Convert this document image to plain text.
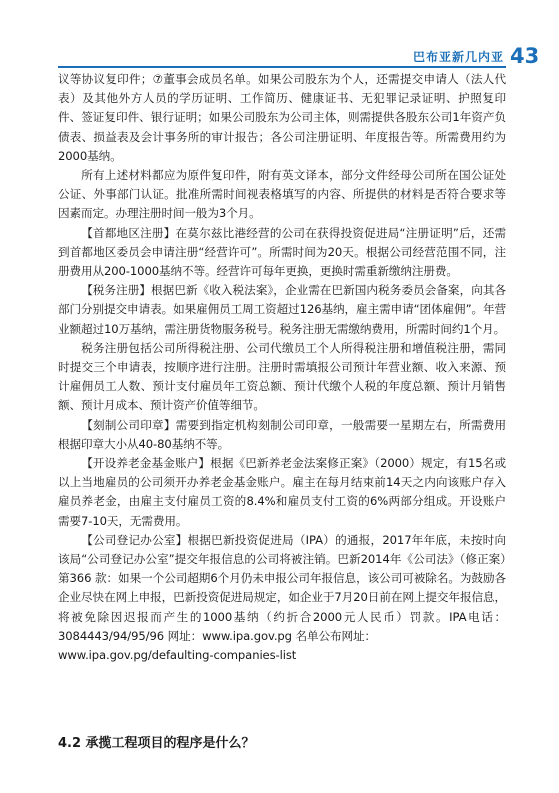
巴布亚新几内亚 43

议等协议复印件；⑦董事会成员名单。如果公司股东为个人，还需提交申请人（法人代表）及其他外方人员的学历证明、工作简历、健康证书、无犯罪记录证明、护照复印件、签证复印件、银行证明；如果公司股东为公司主体，则需提供各股东公司1年资产负债表、损益表及会计事务所的审计报告；各公司注册证明、年度报告等。所需费用约为2000基纳。

所有上述材料都应为原件复印件，附有英文译本，部分文件经母公司所在国公证处公证、外事部门认证。批准所需时间视表格填写的内容、所提供的材料是否符合要求等因素而定。办理注册时间一般为3个月。

【首都地区注册】在莫尔兹比港经营的公司在获得投资促进局“注册证明”后，还需到首都地区委员会申请注册“经营许可”。所需时间为20天。根据公司经营范围不同，注册费用从200-1000基纳不等。经营许可每年更换，更换时需重新缴纳注册费。

【税务注册】根据巴新《收入税法案》，企业需在巴新国内税务委员会备案，向其各部门分别提交申请表。如果雇佣员工周工资超过126基纳，雇主需申请“团体雇佣”。年营业额超过10万基纳，需注册货物服务税号。税务注册无需缴纳费用，所需时间约1个月。

税务注册包括公司所得税注册、公司代缴员工个人所得税注册和增值税注册，需同时提交三个申请表，按顺序进行注册。注册时需填报公司预计年营业额、收入来源、预计雇佣员工人数、预计支付雇员年工资总额、预计代缴个人税的年度总额、预计月销售额、预计月成本、预计资产价值等细节。

【刻制公司印章】需要到指定机构刻制公司印章，一般需要一星期左右，所需费用根据印章大小从40-80基纳不等。

【开设养老金基金账户】根据《巴新养老金法案修正案》（2000）规定，有15名或以上当地雇员的公司须开办养老金基金账户。雇主在每月结束前14天之内向该账户存入雇员养老金，由雇主支付雇员工资的8.4%和雇员支付工资的6%两部分组成。开设账户需要7-10天，无需费用。

【公司登记办公室】根据巴新投资促进局（IPA）的通报，2017年年底，未按时向该局“公司登记办公室”提交年报信息的公司将被注销。巴新2014年《公司法》（修正案）第366 款：如果一个公司超期6个月仍未申报公司年报信息，该公司可被除名。为鼓励各企业尽快在网上申报，巴新投资促进局规定，如企业于7月20日前在网上提交年报信息，将被免除因迟报而产生的1000基纳（约折合2000元人民币）罚款。IPA电话：3084443/94/95/96 网址：www.ipa.gov.pg 名单公布网址：

www.ipa.gov.pg/defaulting-companies-list

4.2 承揽工程项目的程序是什么？
